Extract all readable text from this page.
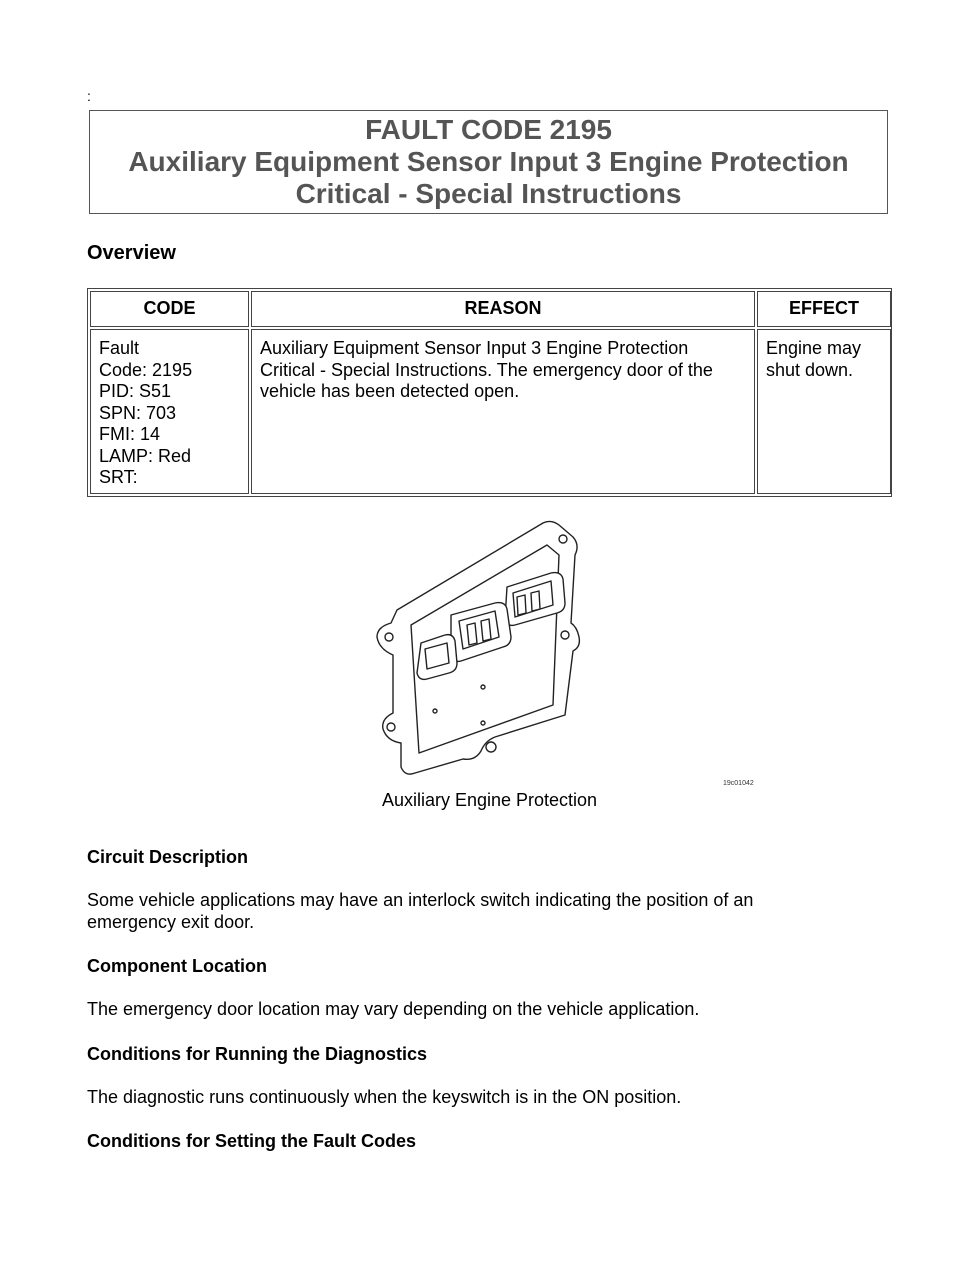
:
FAULT CODE 2195
Auxiliary Equipment Sensor Input 3 Engine Protection
Critical - Special Instructions
Overview
CODE	REASON	EFFECT
Fault
Code: 2195
PID: S51
SPN: 703
FMI: 14
LAMP: Red
SRT:
Auxiliary Equipment Sensor Input 3 Engine Protection
Critical - Special Instructions. The emergency door of the
vehicle has been detected open.
Engine may
shut down.
19c01042
Auxiliary Engine Protection
Circuit Description
Some vehicle applications may have an interlock switch indicating the position of an emergency exit door.
Component Location
The emergency door location may vary depending on the vehicle application.
Conditions for Running the Diagnostics
The diagnostic runs continuously when the keyswitch is in the ON position.
Conditions for Setting the Fault Codes
